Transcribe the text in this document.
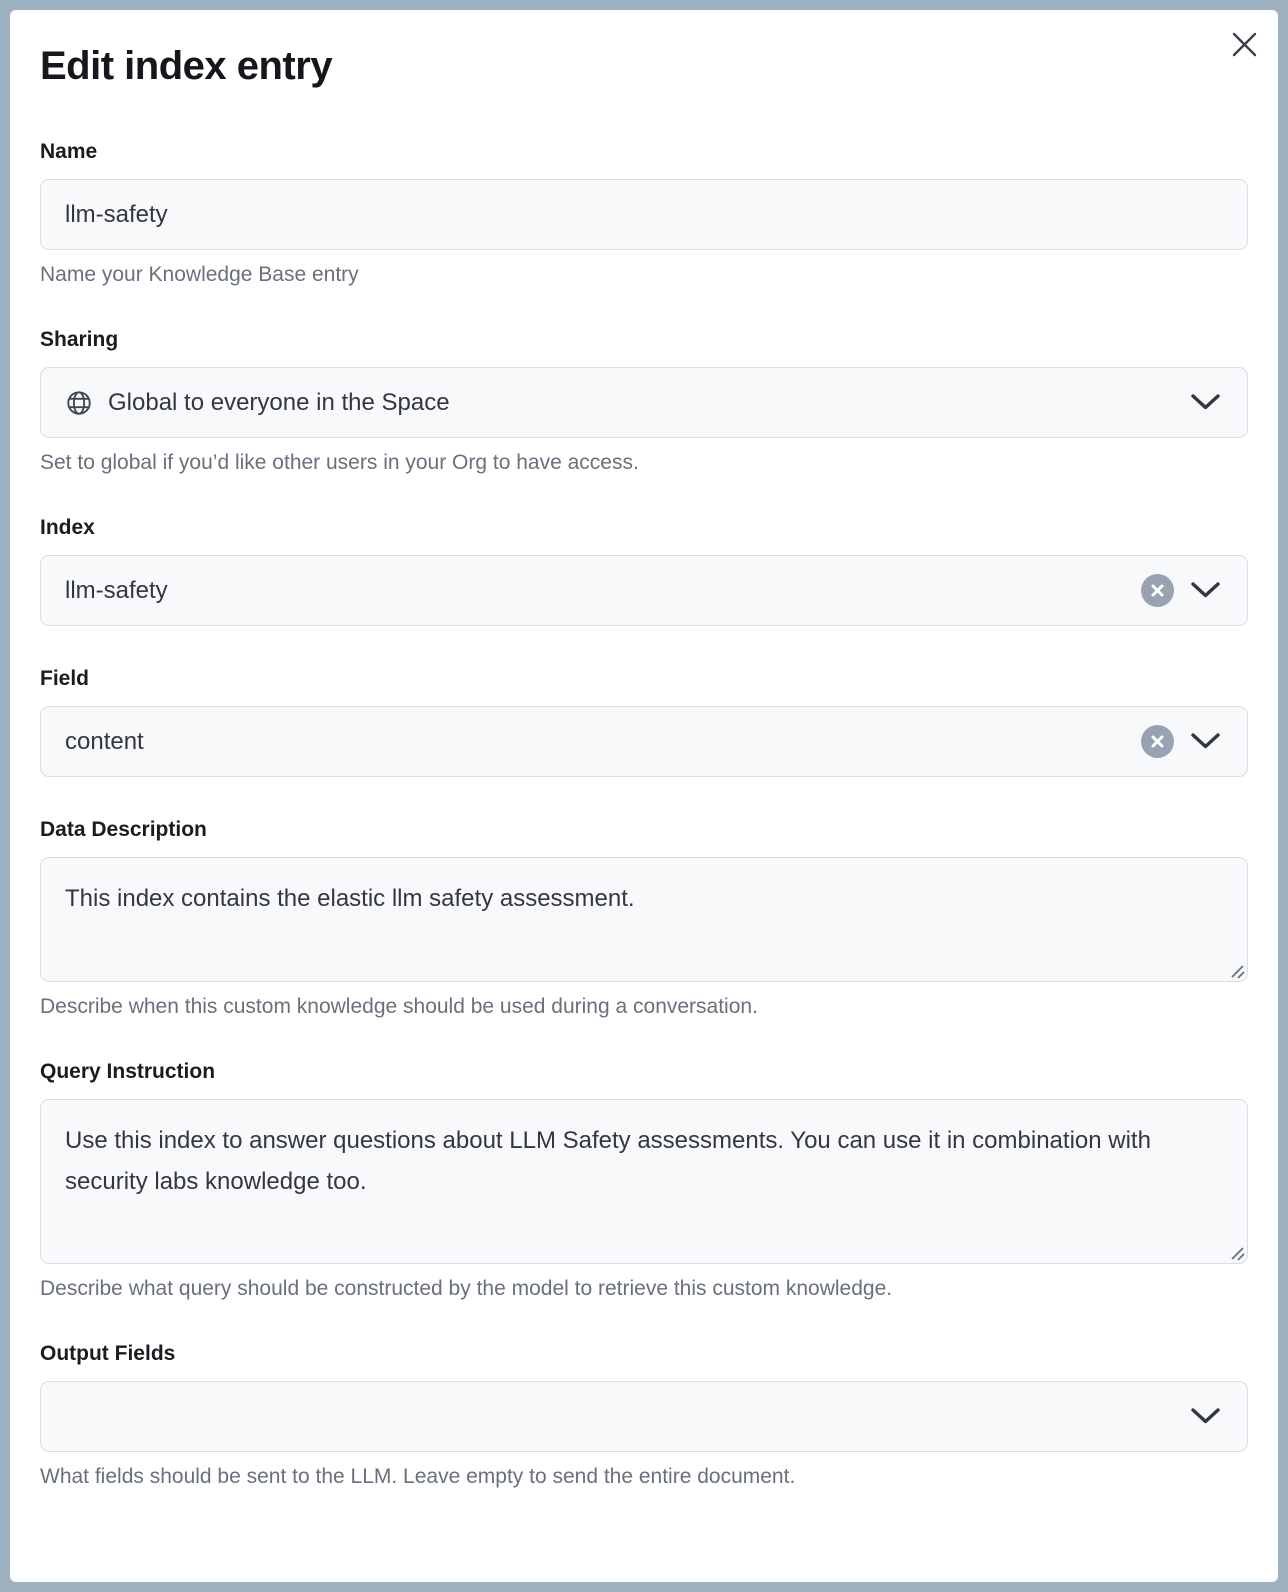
Edit index entry
Name
llm-safety
Name your Knowledge Base entry
Sharing
Global to everyone in the Space
Set to global if you’d like other users in your Org to have access.
Index
llm-safety
Field
content
Data Description
This index contains the elastic llm safety assessment.
Describe when this custom knowledge should be used during a conversation.
Query Instruction
Use this index to answer questions about LLM Safety assessments. You can use it in combination with security labs knowledge too.
Describe what query should be constructed by the model to retrieve this custom knowledge.
Output Fields
What fields should be sent to the LLM. Leave empty to send the entire document.
